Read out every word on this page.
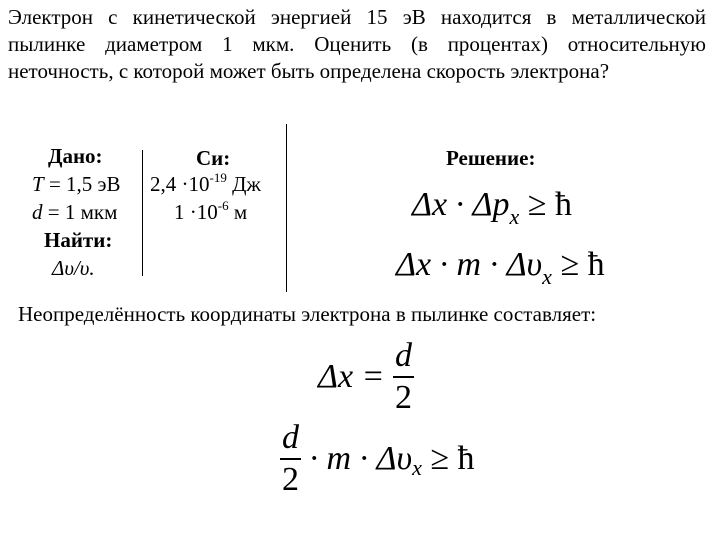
Электрон с кинетической энергией 15 эВ находится в металлической пылинке диаметром 1 мкм. Оценить (в процентах) относительную неточность, с которой может быть определена скорость электрона?
Дано:
T = 1,5 эВ
d = 1 мкм
Найти:
Δυ/υ.
Си:
$2,4 \cdot 10^{-19}$ Дж
$1 \cdot 10^{-6}$ м
Решение:
$\Delta x \cdot \Delta p_x$ ≥ ħ
$\Delta x \cdot m \cdot \Delta\upsilon_x$ ≥ ħ
Неопределённость координаты электрона в пылинке составляет:
$\Delta x = \frac{d}{2}$
$\frac{d}{2} \cdot m \cdot \Delta\upsilon_x$ ≥ ħ
